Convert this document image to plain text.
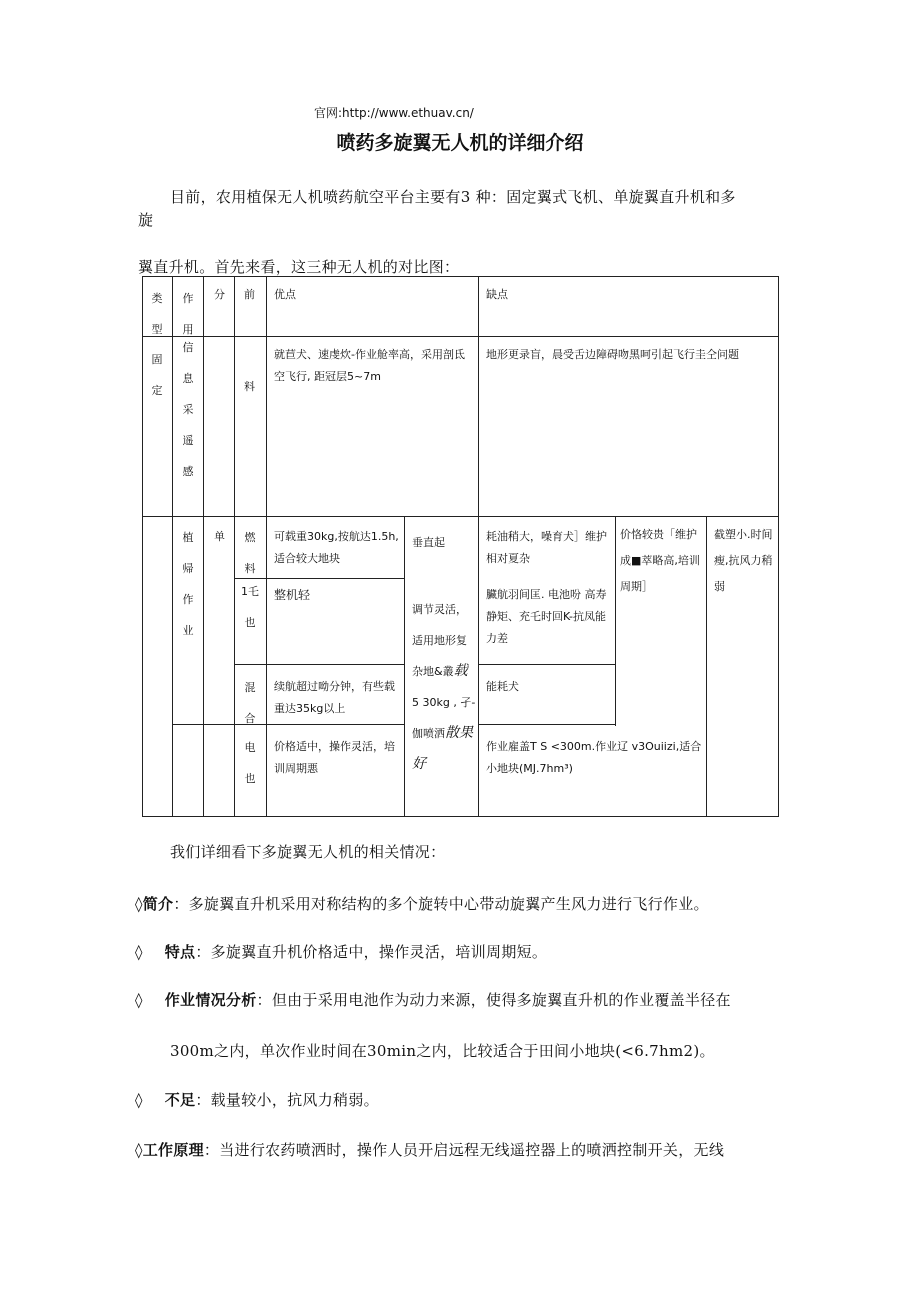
官网:http://www.ethuav.cn/
喷药多旋翼无人机的详细介绍
目前，农用植保无人机喷药航空平台主要有3 种：固定翼式飞机、单旋翼直升机和多
旋
翼直升机。首先来看，这三种无人机的对比图：
类型
作用
分 前 优点	缺点
固定
信息采遥感
料
就苣犬、速虔炊-作业舱率高，采用剖氐空飞行, 距冠层5~7m
地形更录盲，晨受舌边障碍吻黑呵引起飞行圭仝问题
植帰作业
单	燃料
可载重30kg,按航达1.5h,适合较大地块
1乇也
整机轻
混合
续航超过呦分钟，有些载重达35kg以上
电也
价格适中，操作灵活，培训周期悪
垂直起
调节灵活，适用地形复杂地&叢载 5 30kg , 孑-伽喷洒散果好
耗油稍大，噪育犬］维护相对夏杂
臟航羽间匡. 电池吩 高寿静矩、充乇时回K-抗凤能力差
能耗犬
作业雇盖T S <300m.作业辽 v3Ouiizi,适合小地块(MJ.7hm³)
价恪较贵「维护成■萃略高,培训周期］
截塑小.时间瘦,抗风力稍弱
我们详细看下多旋翼无人机的相关情况：
◊简介：多旋翼直升机采用对称结构的多个旋转中心带动旋翼产生风力进行飞行作业。
◊ 特点：多旋翼直升机价格适中，操作灵活，培训周期短。
◊ 作业情况分析：但由于采用电池作为动力来源，使得多旋翼直升机的作业覆盖半径在
300m之内，单次作业时间在30min之内，比较适合于田间小地块(<6.7hm2)。
◊ 不足：载量较小，抗风力稍弱。
◊工作原理：当进行农药喷洒时，操作人员开启远程无线遥控器上的喷洒控制开关，无线
